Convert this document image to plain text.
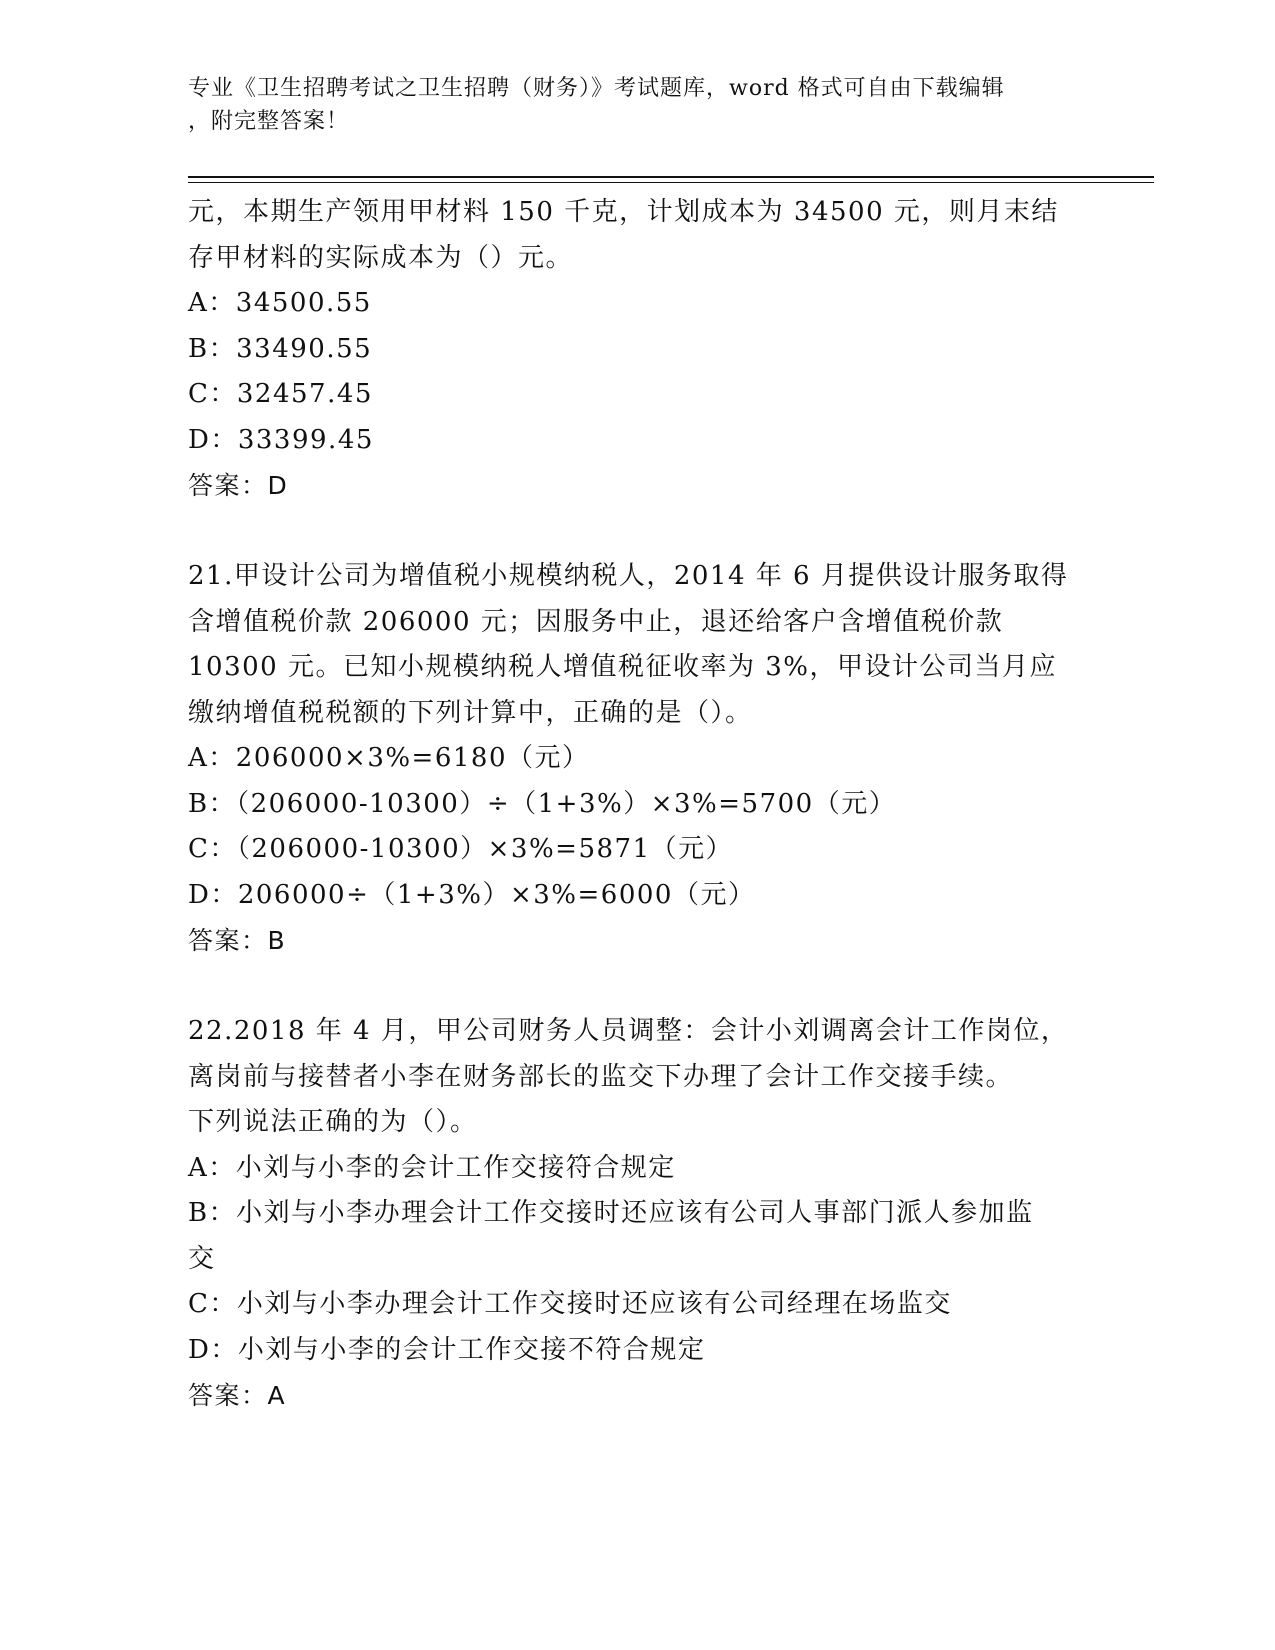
专业《卫生招聘考试之卫生招聘（财务）》考试题库，word 格式可自由下载编辑
，附完整答案！
元，本期生产领用甲材料 150 千克，计划成本为 34500 元，则月末结
存甲材料的实际成本为（）元。
A：34500.55
B：33490.55
C：32457.45
D：33399.45
答案：D
21.甲设计公司为增值税小规模纳税人，2014 年 6 月提供设计服务取得
含增值税价款 206000 元；因服务中止，退还给客户含增值税价款
10300 元。已知小规模纳税人增值税征收率为 3%，甲设计公司当月应
缴纳增值税税额的下列计算中，正确的是（）。
A：206000×3%=6180（元）
B：（206000-10300）÷（1+3%）×3%=5700（元）
C：（206000-10300）×3%=5871（元）
D：206000÷（1+3%）×3%=6000（元）
答案：B
22.2018 年 4 月，甲公司财务人员调整：会计小刘调离会计工作岗位，
离岗前与接替者小李在财务部长的监交下办理了会计工作交接手续。
下列说法正确的为（）。
A：小刘与小李的会计工作交接符合规定
B：小刘与小李办理会计工作交接时还应该有公司人事部门派人参加监
交
C：小刘与小李办理会计工作交接时还应该有公司经理在场监交
D：小刘与小李的会计工作交接不符合规定
答案：A
